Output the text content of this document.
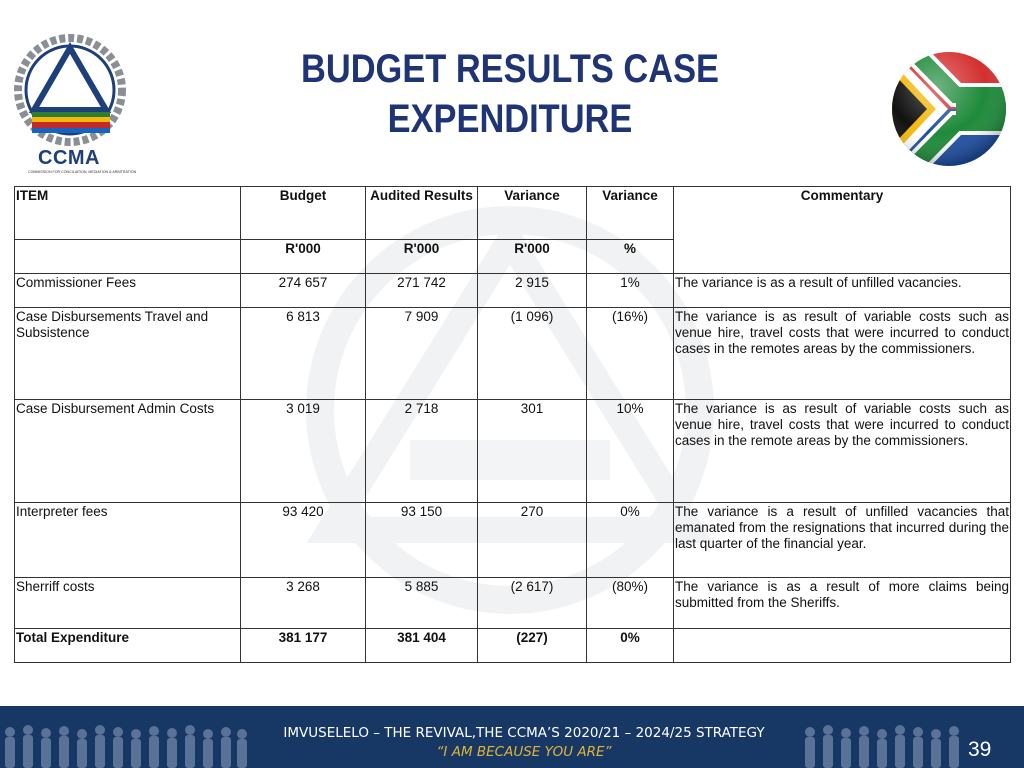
CCMA
COMMISSION FOR CONCILIATION, MEDIATION & ARBITRATION
BUDGET RESULTS CASE
EXPENDITURE
ITEM	Budget	Audited Results	Variance	Variance	Commentary
	R'000	R'000	R'000	%	
Commissioner Fees	274 657	271 742	2 915	1%	The variance is as a result of unfilled vacancies.
Case Disbursements Travel and Subsistence	6 813	7 909	(1 096)	(16%)	The variance is as result of variable costs such as venue hire, travel costs that were incurred to conduct cases in the remotes areas by the commissioners.
Case Disbursement Admin Costs	3 019	2 718	301	10%	The variance is as result of variable costs such as venue hire, travel costs that were incurred to conduct cases in the remote areas by the commissioners.
Interpreter fees	93 420	93 150	270	0%	The variance is a result of unfilled vacancies that emanated from the resignations that incurred during the last quarter of the financial year.
Sherriff costs	3 268	5 885	(2 617)	(80%)	The variance is as a result of more claims being submitted from the Sheriffs.
Total Expenditure	381 177	381 404	(227)	0%	
IMVUSELELO – THE REVIVAL,THE CCMA’S 2020/21 – 2024/25 STRATEGY
“I AM BECAUSE YOU ARE”	39
